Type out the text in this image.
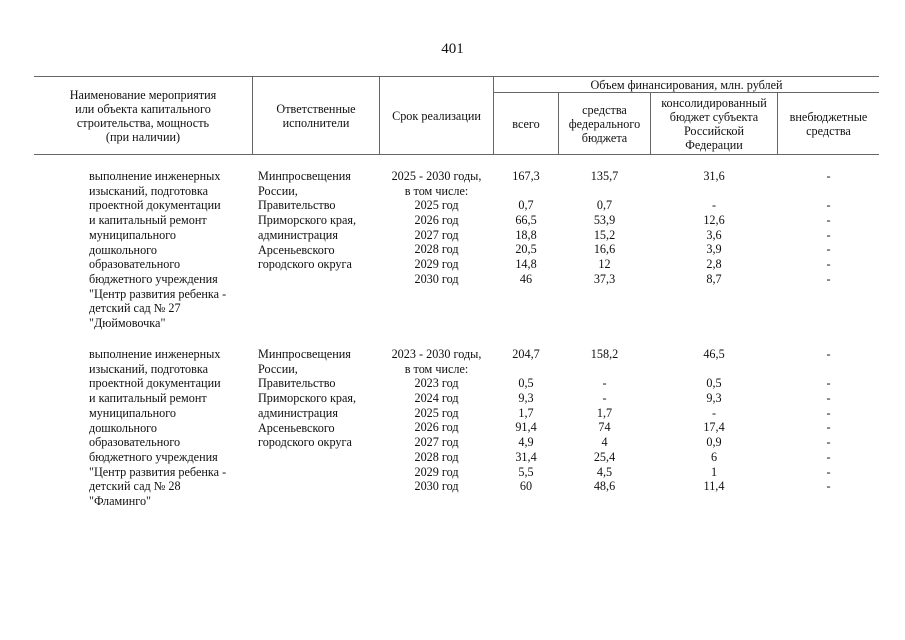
401
Наименование мероприятия
или объекта капитального
строительства, мощность
(при наличии)
Ответственные
исполнители	Срок реализации
Объем финансирования, млн. рублей
всего
средства
федерального
бюджета
консолидированный
бюджет субъекта
Российской
Федерации
внебюджетные
средства
выполнение инженерных
изысканий, подготовка
проектной документации
и капитальный ремонт
муниципального
дошкольного
образовательного
бюджетного учреждения
"Центр развития ребенка -
детский сад № 27
"Дюймовочка"
Минпросвещения
России,
Правительство
Приморского края,
администрация
Арсеньевского
городского округа
2025 - 2030 годы,
в том числе:
2025 год
2026 год
2027 год
2028 год
2029 год
2030 год
167,3
0,7
66,5
18,8
20,5
14,8
46
135,7
0,7
53,9
15,2
16,6
12
37,3
31,6
-
12,6
3,6
3,9
2,8
8,7
-
-
-
-
-
-
-
выполнение инженерных
изысканий, подготовка
проектной документации
и капитальный ремонт
муниципального
дошкольного
образовательного
бюджетного учреждения
"Центр развития ребенка -
детский сад № 28
"Фламинго"
Минпросвещения
России,
Правительство
Приморского края,
администрация
Арсеньевского
городского округа
2023 - 2030 годы,
в том числе:
2023 год
2024 год
2025 год
2026 год
2027 год
2028 год
2029 год
2030 год
204,7
0,5
9,3
1,7
91,4
4,9
31,4
5,5
60
158,2
-
-
1,7
74
4
25,4
4,5
48,6
46,5
0,5
9,3
-
17,4
0,9
6
1
11,4
-
-
-
-
-
-
-
-
-
